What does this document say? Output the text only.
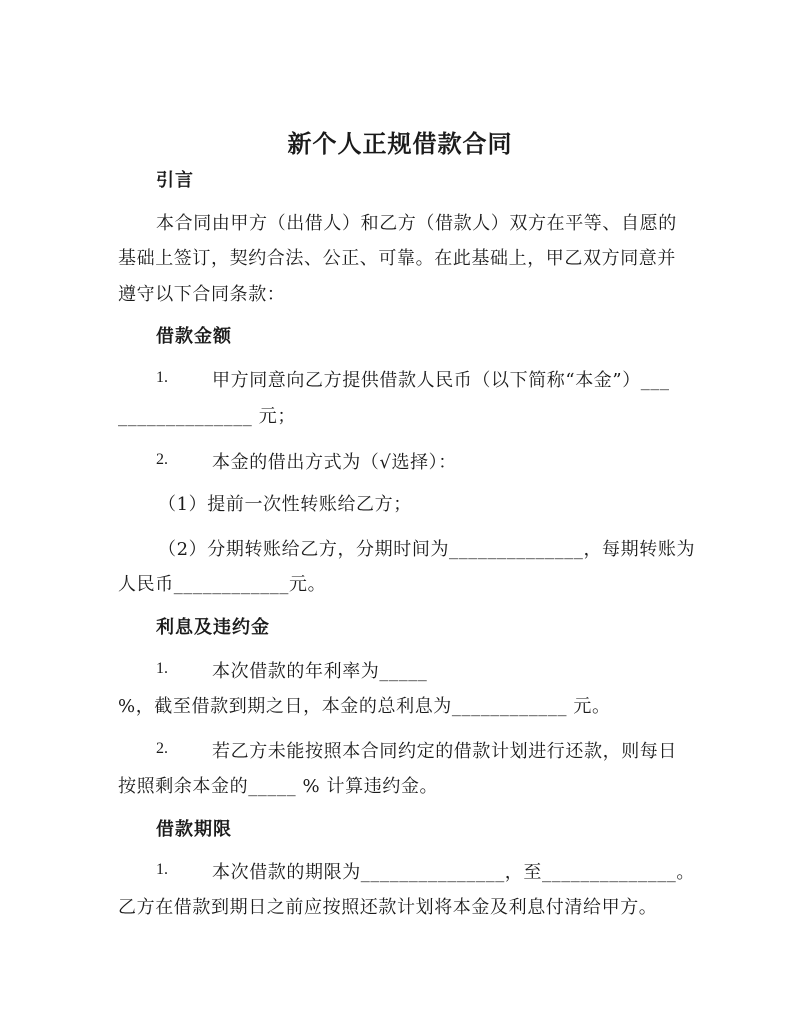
新个人正规借款合同
引言
本合同由甲方（出借人）和乙方（借款人）双方在平等、自愿的
基础上签订，契约合法、公正、可靠。在此基础上，甲乙双方同意并
遵守以下合同条款：
借款金额
1. 甲方同意向乙方提供借款人民币（以下简称“本金”）___
______________ 元；
2. 本金的借出方式为（√选择）：
（1）提前一次性转账给乙方；
（2）分期转账给乙方，分期时间为______________，每期转账为
人民币____________元。
利息及违约金
1. 本次借款的年利率为_____
%，截至借款到期之日，本金的总利息为____________ 元。
2. 若乙方未能按照本合同约定的借款计划进行还款，则每日
按照剩余本金的_____ % 计算违约金。
借款期限
1. 本次借款的期限为_______________，至______________。
乙方在借款到期日之前应按照还款计划将本金及利息付清给甲方。
